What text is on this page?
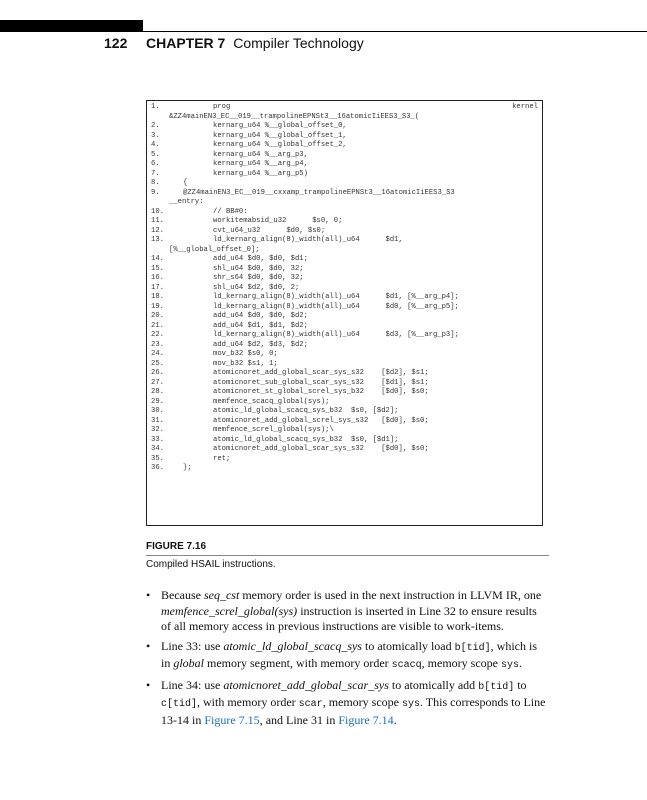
122 CHAPTER 7 Compiler Technology
1.	prog	kernel
&ZZ4mainEN3_EC__019__trampolineEPNSt3__16atomicIiEES3_S3_(
2.	kernarg_u64 %__global_offset_0,
3.	kernarg_u64 %__global_offset_1,
4.	kernarg_u64 %__global_offset_2,
5.	kernarg_u64 %__arg_p3,
6.	kernarg_u64 %__arg_p4,
7.	kernarg_u64 %__arg_p5)
8.	{
9.	@ZZ4mainEN3_EC__019__cxxamp_trampolineEPNSt3__16atomicIiEES3_S3
__entry:
10.	// BB#0:
11.	workitemabsid_u32      $s0, 0;
12.	cvt_u64_u32      $d0, $s0;
13.	ld_kernarg_align(8)_width(all)_u64      $d1,
[%__global_offset_0];
14.	add_u64 $d0, $d0, $d1;
15.	shl_u64 $d0, $d0, 32;
16.	shr_s64 $d0, $d0, 32;
17.	shl_u64 $d2, $d0, 2;
18.	ld_kernarg_align(8)_width(all)_u64      $d1, [%__arg_p4];
19.	ld_kernarg_align(8)_width(all)_u64      $d0, [%__arg_p5];
20.	add_u64 $d0, $d0, $d2;
21.	add_u64 $d1, $d1, $d2;
22.	ld_kernarg_align(8)_width(all)_u64      $d3, [%__arg_p3];
23.	add_u64 $d2, $d3, $d2;
24.	mov_b32 $s0, 0;
25.	mov_b32 $s1, 1;
26.	atomicnoret_add_global_scar_sys_s32    [$d2], $s1;
27.	atomicnoret_sub_global_scar_sys_s32    [$d1], $s1;
28.	atomicnoret_st_global_screl_sys_b32    [$d0], $s0;
29.	memfence_scacq_global(sys);
30.	atomic_ld_global_scacq_sys_b32  $s0, [$d2];
31.	atomicnoret_add_global_screl_sys_s32   [$d0], $s0;
32.	memfence_screl_global(sys);\
33.	atomic_ld_global_scacq_sys_b32  $s0, [$d1];
34.	atomicnoret_add_global_scar_sys_s32    [$d0], $s0;
35.	ret;
36.	};
FIGURE 7.16
Compiled HSAIL instructions.
• Because seq_cst memory order is used in the next instruction in LLVM IR, one memfence_screl_global(sys) instruction is inserted in Line 32 to ensure results of all memory access in previous instructions are visible to work-items.
• Line 33: use atomic_ld_global_scacq_sys to atomically load b[tid], which is in global memory segment, with memory order scacq, memory scope sys.
• Line 34: use atomicnoret_add_global_scar_sys to atomically add b[tid] to c[tid], with memory order scar, memory scope sys. This corresponds to Line 13-14 in Figure 7.15, and Line 31 in Figure 7.14.
